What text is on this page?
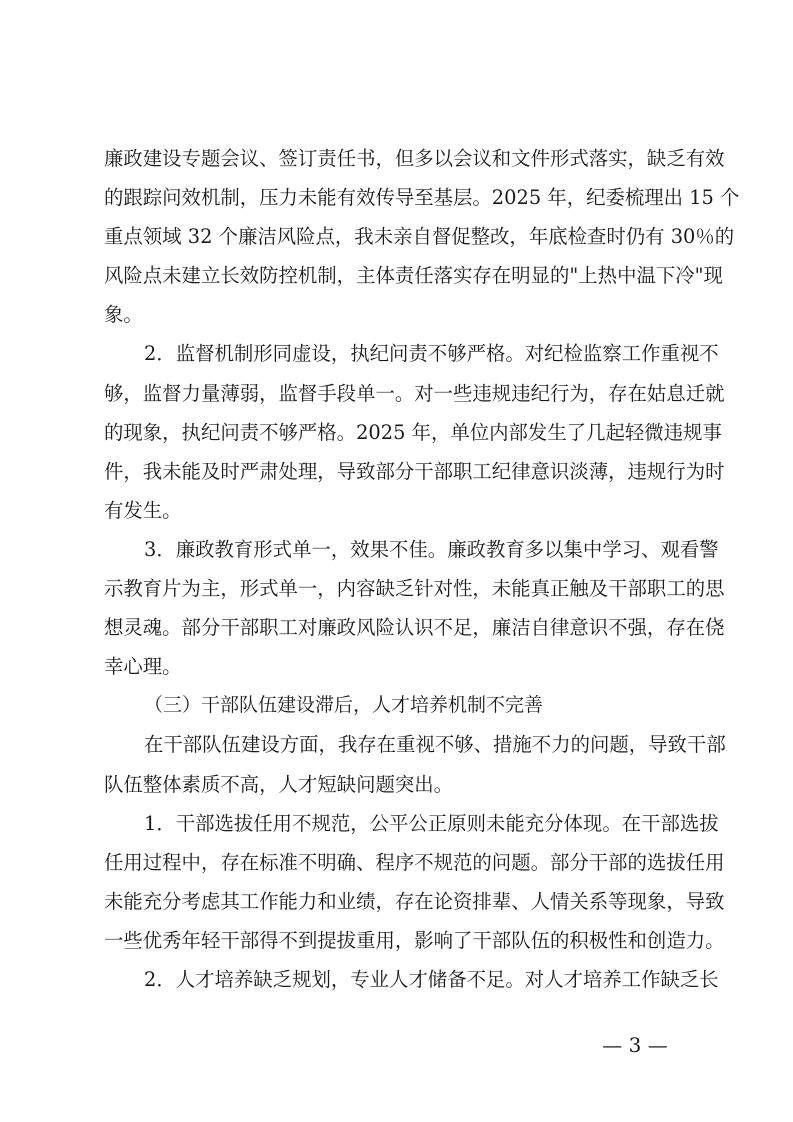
廉政建设专题会议、签订责任书，但多以会议和文件形式落实，缺乏有效
的跟踪问效机制，压力未能有效传导至基层。2025 年，纪委梳理出 15 个
重点领域 32 个廉洁风险点，我未亲自督促整改，年底检查时仍有 30％的
风险点未建立长效防控机制，主体责任落实存在明显的"上热中温下冷"现
象。
2．监督机制形同虚设，执纪问责不够严格。对纪检监察工作重视不
够，监督力量薄弱，监督手段单一。对一些违规违纪行为，存在姑息迁就
的现象，执纪问责不够严格。2025 年，单位内部发生了几起轻微违规事
件，我未能及时严肃处理，导致部分干部职工纪律意识淡薄，违规行为时
有发生。
3．廉政教育形式单一，效果不佳。廉政教育多以集中学习、观看警
示教育片为主，形式单一，内容缺乏针对性，未能真正触及干部职工的思
想灵魂。部分干部职工对廉政风险认识不足，廉洁自律意识不强，存在侥
幸心理。
（三）干部队伍建设滞后，人才培养机制不完善
在干部队伍建设方面，我存在重视不够、措施不力的问题，导致干部
队伍整体素质不高，人才短缺问题突出。
1．干部选拔任用不规范，公平公正原则未能充分体现。在干部选拔
任用过程中，存在标准不明确、程序不规范的问题。部分干部的选拔任用
未能充分考虑其工作能力和业绩，存在论资排辈、人情关系等现象，导致
一些优秀年轻干部得不到提拔重用，影响了干部队伍的积极性和创造力。
2．人才培养缺乏规划，专业人才储备不足。对人才培养工作缺乏长
— 3 —
